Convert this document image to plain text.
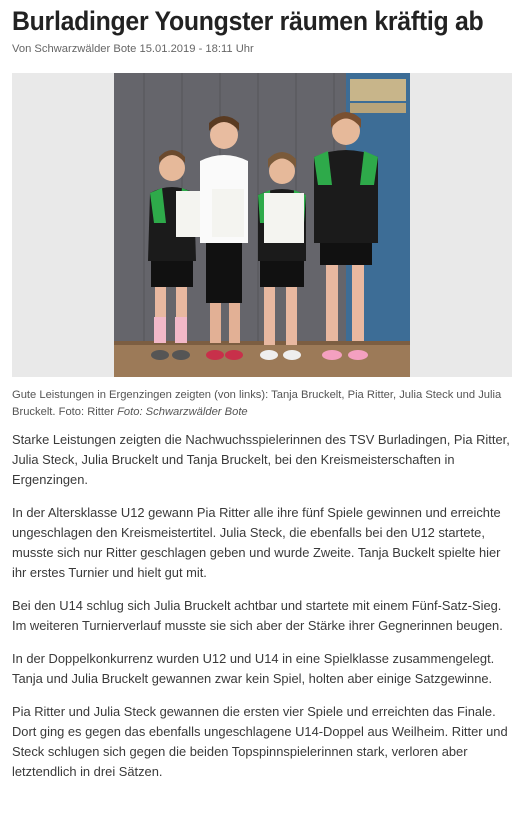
Burladinger Youngster räumen kräftig ab
Von Schwarzwälder Bote 15.01.2019 - 18:11 Uhr
Gute Leistungen in Ergenzingen zeigten (von links): Tanja Bruckelt, Pia Ritter, Julia Steck und Julia Bruckelt. Foto: Ritter Foto: Schwarzwälder Bote

Starke Leistungen zeigten die Nachwuchsspielerinnen des TSV Burladingen, Pia Ritter, Julia Steck, Julia Bruckelt und Tanja Bruckelt, bei den Kreismeisterschaften in Ergenzingen.

In der Altersklasse U12 gewann Pia Ritter alle ihre fünf Spiele gewinnen und erreichte ungeschlagen den Kreismeistertitel. Julia Steck, die ebenfalls bei den U12 startete, musste sich nur Ritter geschlagen geben und wurde Zweite. Tanja Buckelt spielte hier ihr erstes Turnier und hielt gut mit.

Bei den U14 schlug sich Julia Bruckelt achtbar und startete mit einem Fünf-Satz-Sieg. Im weiteren Turnierverlauf musste sie sich aber der Stärke ihrer Gegnerinnen beugen.

In der Doppelkonkurrenz wurden U12 und U14 in eine Spielklasse zusammengelegt. Tanja und Julia Bruckelt gewannen zwar kein Spiel, holten aber einige Satzgewinne.

Pia Ritter und Julia Steck gewannen die ersten vier Spiele und erreichten das Finale. Dort ging es gegen das ebenfalls ungeschlagene U14-Doppel aus Weilheim. Ritter und Steck schlugen sich gegen die beiden Topspinnspielerinnen stark, verloren aber letztendlich in drei Sätzen.
